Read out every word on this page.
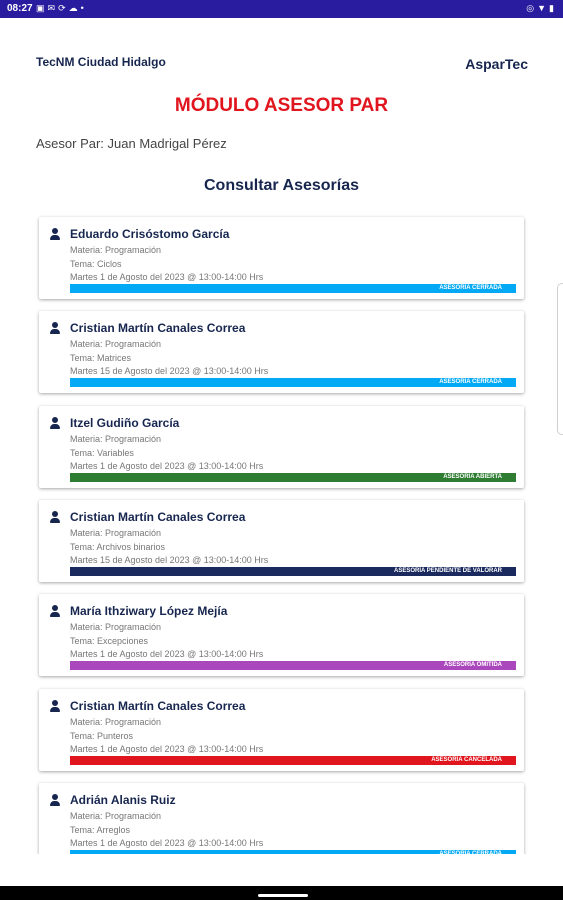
08:27 ▣✉⟳☁•	◎▼▮
TecNM Ciudad Hidalgo	AsparTec
MÓDULO ASESOR PAR
Asesor Par: Juan Madrigal Pérez
Consultar Asesorías
Eduardo Crisóstomo García
Materia: Programación
Tema: Ciclos
Martes 1 de Agosto del 2023 @ 13:00-14:00 Hrs
ASESORÍA CERRADA
Cristian Martín Canales Correa
Materia: Programación
Tema: Matrices
Martes 15 de Agosto del 2023 @ 13:00-14:00 Hrs
ASESORÍA CERRADA
Itzel Gudiño García
Materia: Programación
Tema: Variables
Martes 1 de Agosto del 2023 @ 13:00-14:00 Hrs
ASESORÍA ABIERTA
Cristian Martín Canales Correa
Materia: Programación
Tema: Archivos binarios
Martes 15 de Agosto del 2023 @ 13:00-14:00 Hrs
ASESORÍA PENDIENTE DE VALORAR
María Ithziwary López Mejía
Materia: Programación
Tema: Excepciones
Martes 1 de Agosto del 2023 @ 13:00-14:00 Hrs
ASESORÍA OMITIDA
Cristian Martín Canales Correa
Materia: Programación
Tema: Punteros
Martes 1 de Agosto del 2023 @ 13:00-14:00 Hrs
ASESORÍA CANCELADA
Adrián Alanis Ruiz
Materia: Programación
Tema: Arreglos
Martes 1 de Agosto del 2023 @ 13:00-14:00 Hrs
ASESORÍA CERRADA
